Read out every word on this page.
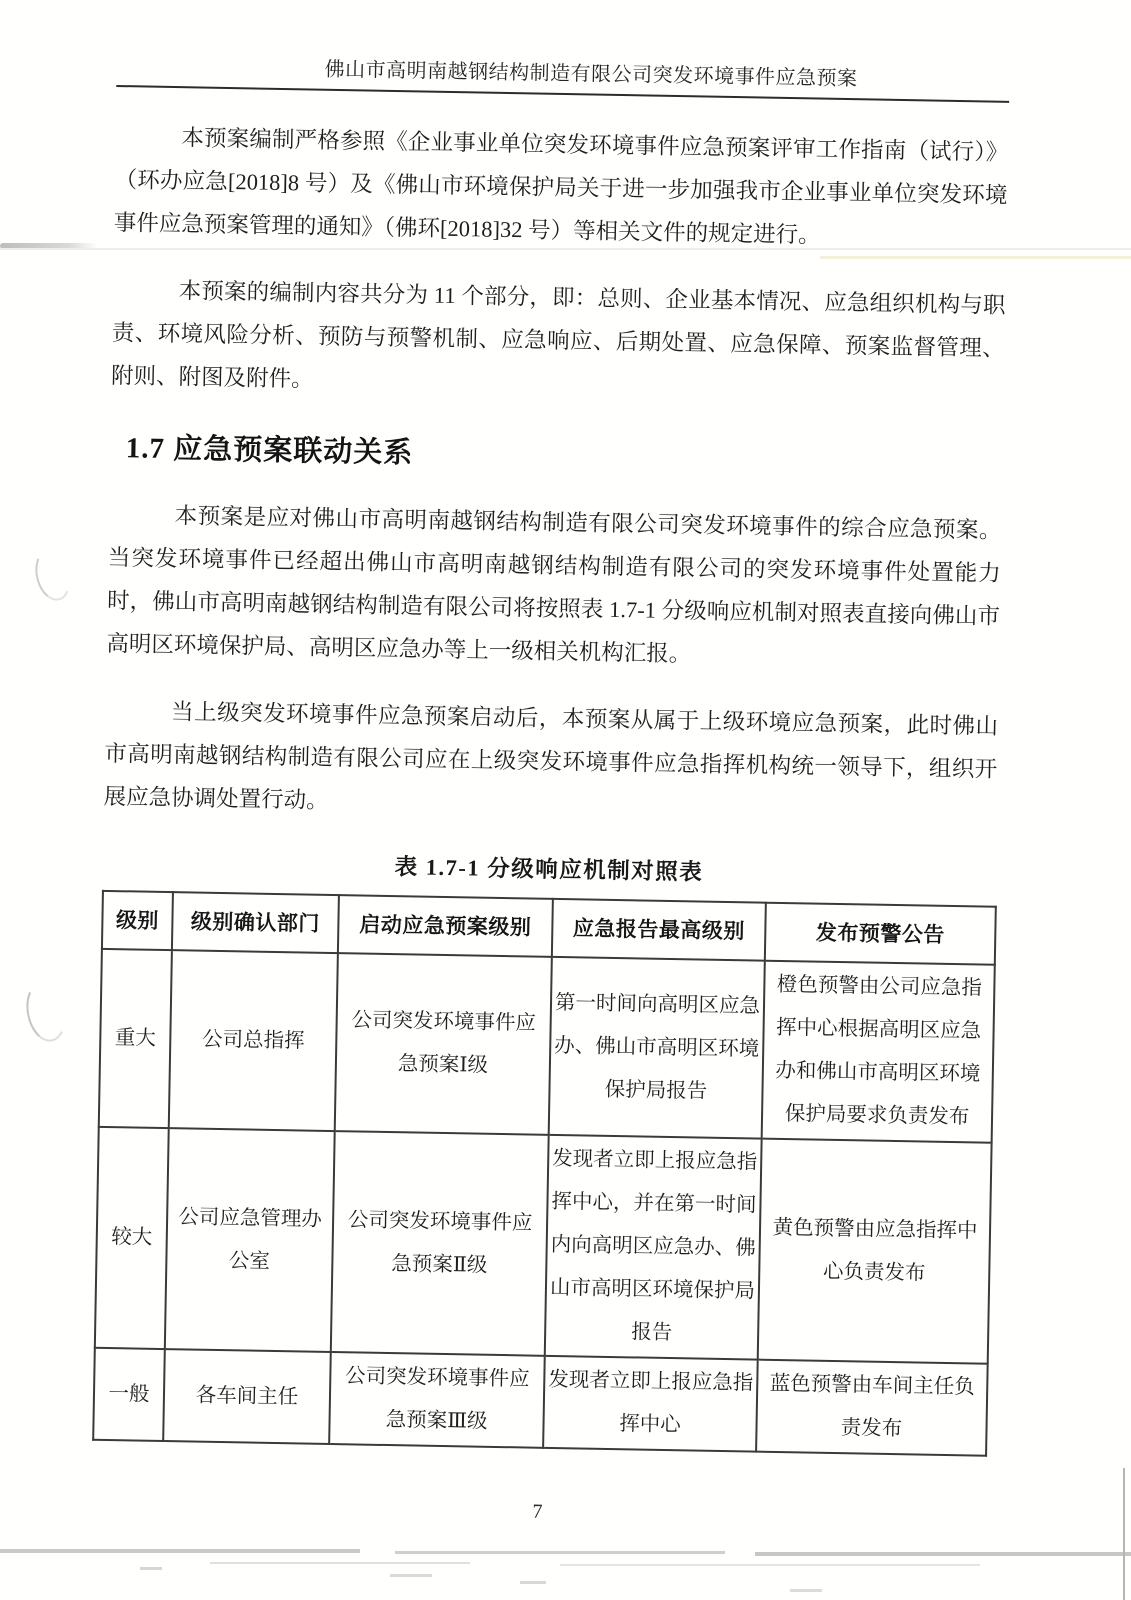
佛山市高明南越钢结构制造有限公司突发环境事件应急预案

本预案编制严格参照《企业事业单位突发环境事件应急预案评审工作指南（试行）》（环办应急[2018]8 号）及《佛山市环境保护局关于进一步加强我市企业事业单位突发环境事件应急预案管理的通知》（佛环[2018]32 号）等相关文件的规定进行。

本预案的编制内容共分为 11 个部分，即：总则、企业基本情况、应急组织机构与职责、环境风险分析、预防与预警机制、应急响应、后期处置、应急保障、预案监督管理、附则、附图及附件。

1.7 应急预案联动关系

本预案是应对佛山市高明南越钢结构制造有限公司突发环境事件的综合应急预案。当突发环境事件已经超出佛山市高明南越钢结构制造有限公司的突发环境事件处置能力时，佛山市高明南越钢结构制造有限公司将按照表 1.7-1 分级响应机制对照表直接向佛山市高明区环境保护局、高明区应急办等上一级相关机构汇报。

当上级突发环境事件应急预案启动后，本预案从属于上级环境应急预案，此时佛山市高明南越钢结构制造有限公司应在上级突发环境事件应急指挥机构统一领导下，组织开展应急协调处置行动。

表 1.7-1 分级响应机制对照表
级别	级别确认部门	启动应急预案级别	应急报告最高级别	发布预警公告
重大	公司总指挥	公司突发环境事件应急预案Ⅰ级	第一时间向高明区应急办、佛山市高明区环境保护局报告	橙色预警由公司应急指挥中心根据高明区应急办和佛山市高明区环境保护局要求负责发布
较大	公司应急管理办公室	公司突发环境事件应急预案Ⅱ级	发现者立即上报应急指挥中心，并在第一时间内向高明区应急办、佛山市高明区环境保护局报告	黄色预警由应急指挥中心负责发布
一般	各车间主任	公司突发环境事件应急预案Ⅲ级	发现者立即上报应急指挥中心	蓝色预警由车间主任负责发布
7
